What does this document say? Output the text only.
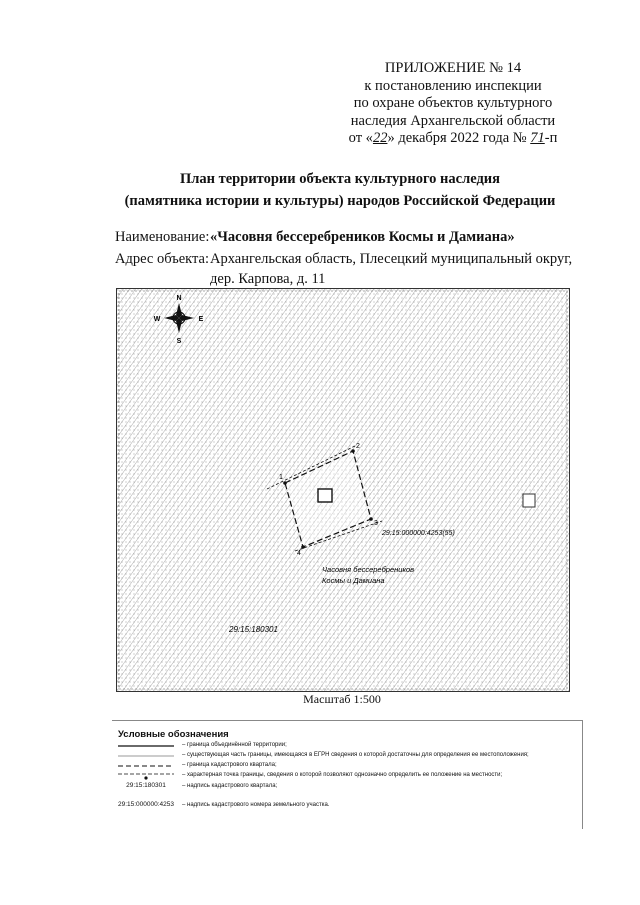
ПРИЛОЖЕНИЕ № 14
к постановлению инспекции
по охране объектов культурного
наследия Архангельской области
от «22» декабря 2022 года № 71-п
План территории объекта культурного наследия
(памятника истории и культуры) народов Российской Федерации
Наименование:«Часовня бессеребреников Космы и Дамиана»
Адрес объекта:Архангельская область, Плесецкий муниципальный округ,
дер. Карпова, д. 11
N
S
W	E
1
2
3
4
29:15:000000:4253(55)
Часовня бессеребреников
Космы и Дамиана
29:15:180301
Масштаб 1:500
Условные обозначения
– граница объединённой территории;
– существующая часть границы, имеющаяся в ЕГРН сведения о которой достаточны для определения ее местоположения;
– граница кадастрового квартала;
– характерная точка границы, сведения о которой позволяют однозначно определить ее положение на местности;
29:15:180301	– надпись кадастрового квартала;
29:15:000000:4253	– надпись кадастрового номера земельного участка.
